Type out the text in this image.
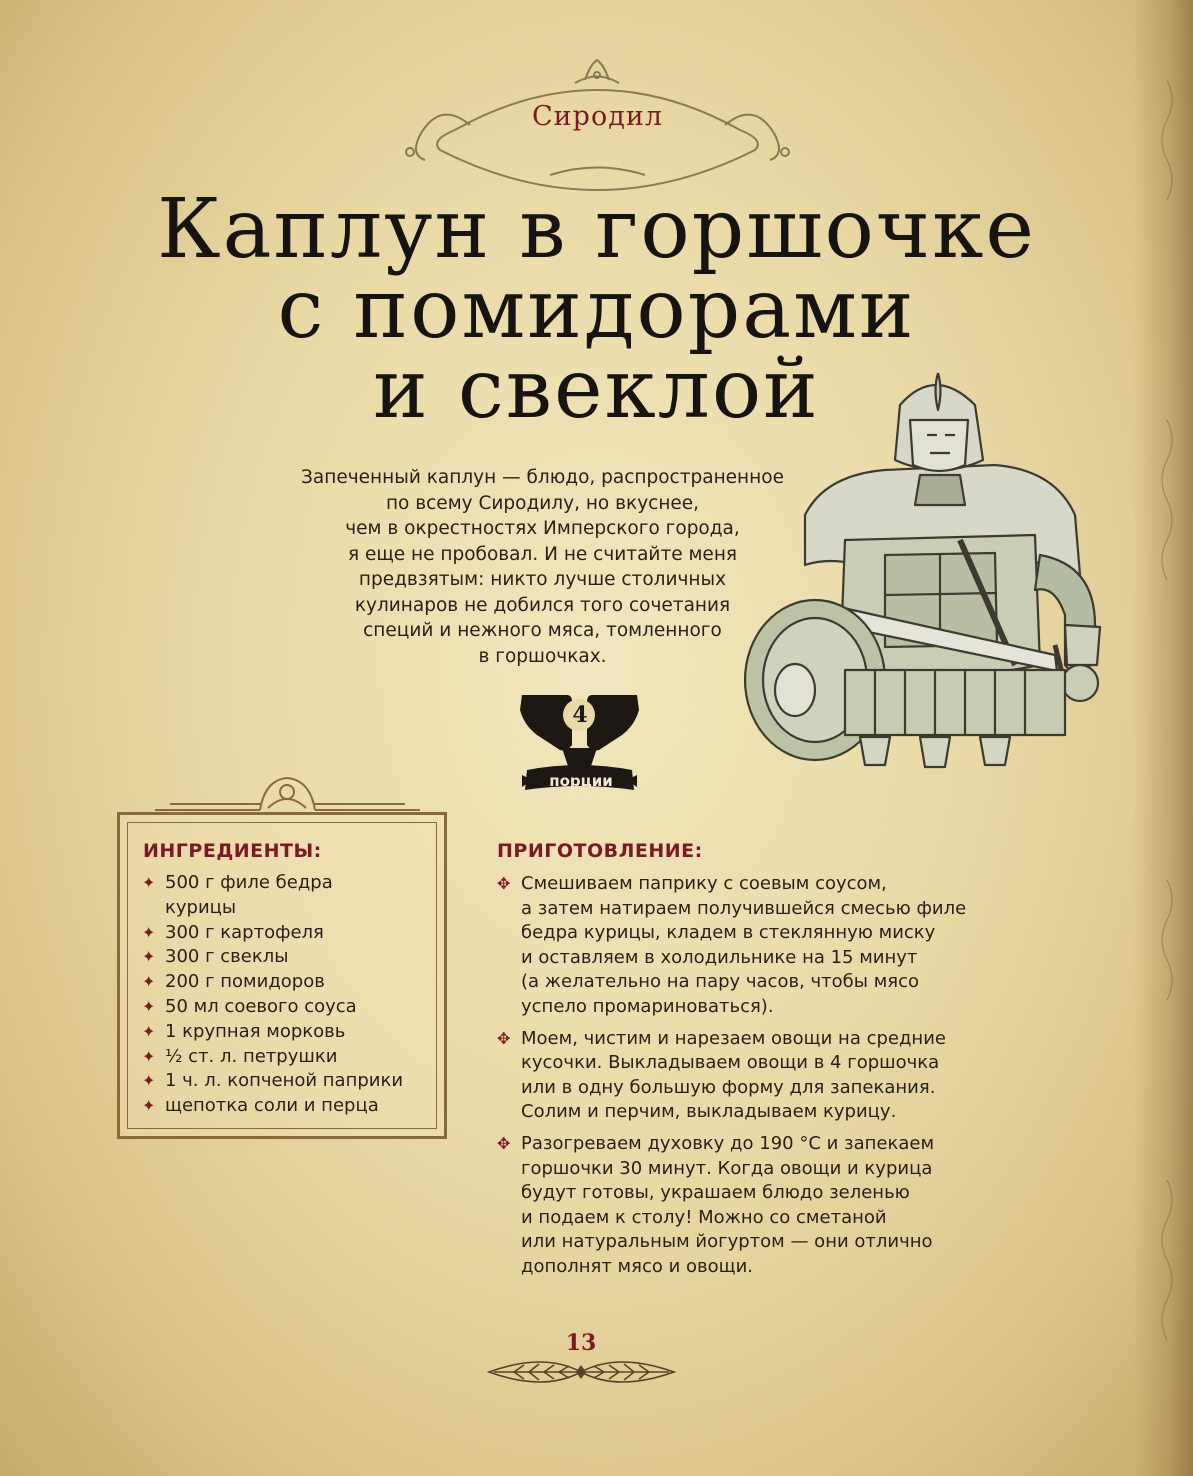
Сиродил
Каплун в горшочке
с помидорами
и свеклой

Запеченный каплун — блюдо, распространенное
по всему Сиродилу, но вкуснее,
чем в окрестностях Имперского города,
я еще не пробовал. И не считайте меня
предвзятым: никто лучше столичных
кулинаров не добился того сочетания
специй и нежного мяса, томленного
в горшочках.

4
порции
ИНГРЕДИЕНТЫ:
✦ 500 г филе бедра
курицы
✦ 300 г картофеля
✦ 300 г свеклы
✦ 200 г помидоров
✦ 50 мл соевого соуса
✦ 1 крупная морковь
✦ ½ ст. л. петрушки
✦ 1 ч. л. копченой паприки
✦ щепотка соли и перца
ПРИГОТОВЛЕНИЕ:
✥ Смешиваем паприку с соевым соусом,
а затем натираем получившейся смесью филе
бедра курицы, кладем в стеклянную миску
и оставляем в холодильнике на 15 минут
(а желательно на пару часов, чтобы мясо
успело промариноваться).
✥ Моем, чистим и нарезаем овощи на средние
кусочки. Выкладываем овощи в 4 горшочка
или в одну большую форму для запекания.
Солим и перчим, выкладываем курицу.
✥ Разогреваем духовку до 190 °С и запекаем
горшочки 30 минут. Когда овощи и курица
будут готовы, украшаем блюдо зеленью
и подаем к столу! Можно со сметаной
или натуральным йогуртом — они отлично
дополнят мясо и овощи.
13
